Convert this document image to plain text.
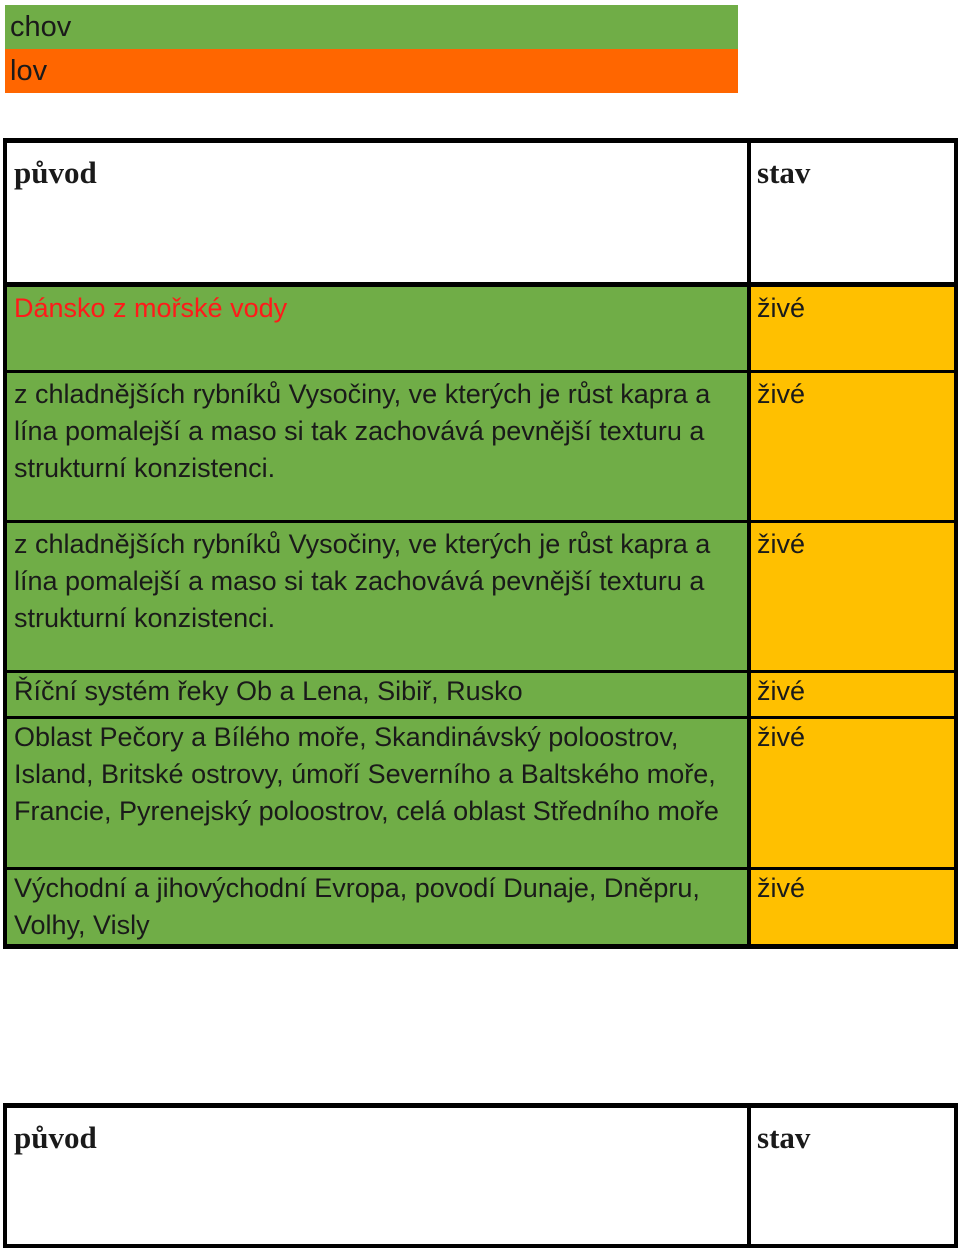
chov
lov
původ	stav
Dánsko z mořské vody	živé
z chladnějších rybníků Vysočiny, ve kterých je růst kapra a lína pomalejší a maso si tak zachovává pevnější texturu a strukturní konzistenci.	živé
z chladnějších rybníků Vysočiny, ve kterých je růst kapra a lína pomalejší a maso si tak zachovává pevnější texturu a strukturní konzistenci.	živé
Říční systém řeky Ob a Lena, Sibiř, Rusko	živé
Oblast Pečory a Bílého moře, Skandinávský poloostrov, Island, Britské ostrovy, úmoří Severního a Baltského moře, Francie, Pyrenejský poloostrov, celá oblast Středního moře	živé
Východní a jihovýchodní Evropa, povodí Dunaje, Dněpru, Volhy, Visly	živé
původ	stav
